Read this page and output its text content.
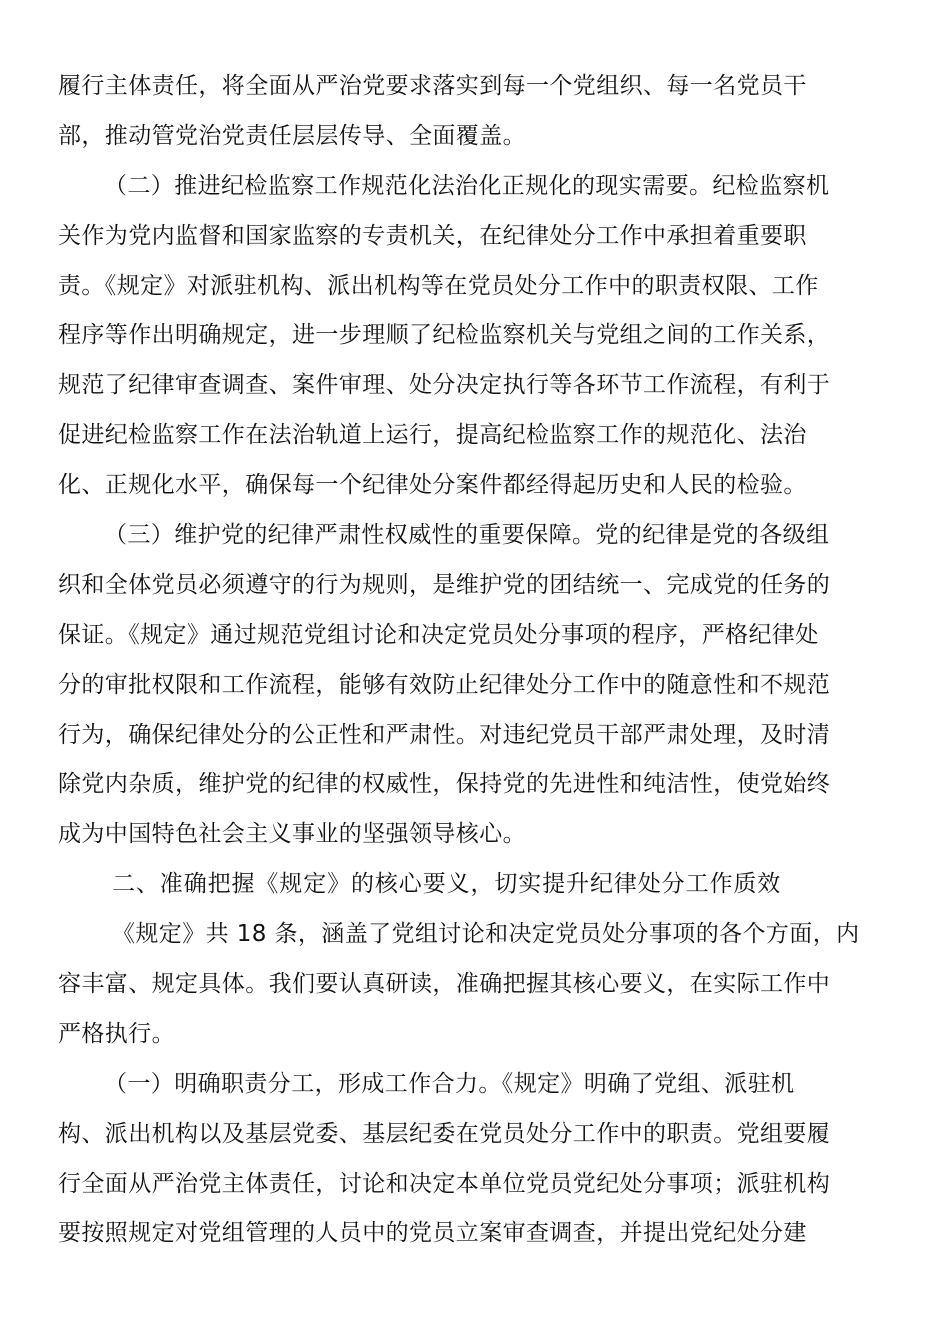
履行主体责任，将全面从严治党要求落实到每一个党组织、每一名党员干
部，推动管党治党责任层层传导、全面覆盖。
（二）推进纪检监察工作规范化法治化正规化的现实需要。纪检监察机
关作为党内监督和国家监察的专责机关，在纪律处分工作中承担着重要职
责。《规定》对派驻机构、派出机构等在党员处分工作中的职责权限、工作
程序等作出明确规定，进一步理顺了纪检监察机关与党组之间的工作关系，
规范了纪律审查调查、案件审理、处分决定执行等各环节工作流程，有利于
促进纪检监察工作在法治轨道上运行，提高纪检监察工作的规范化、法治
化、正规化水平，确保每一个纪律处分案件都经得起历史和人民的检验。
（三）维护党的纪律严肃性权威性的重要保障。党的纪律是党的各级组
织和全体党员必须遵守的行为规则，是维护党的团结统一、完成党的任务的
保证。《规定》通过规范党组讨论和决定党员处分事项的程序，严格纪律处
分的审批权限和工作流程，能够有效防止纪律处分工作中的随意性和不规范
行为，确保纪律处分的公正性和严肃性。对违纪党员干部严肃处理，及时清
除党内杂质，维护党的纪律的权威性，保持党的先进性和纯洁性，使党始终
成为中国特色社会主义事业的坚强领导核心。
二、准确把握《规定》的核心要义，切实提升纪律处分工作质效
《规定》共 18 条，涵盖了党组讨论和决定党员处分事项的各个方面，内
容丰富、规定具体。我们要认真研读，准确把握其核心要义，在实际工作中
严格执行。
（一）明确职责分工，形成工作合力。《规定》明确了党组、派驻机
构、派出机构以及基层党委、基层纪委在党员处分工作中的职责。党组要履
行全面从严治党主体责任，讨论和决定本单位党员党纪处分事项；派驻机构
要按照规定对党组管理的人员中的党员立案审查调查，并提出党纪处分建
